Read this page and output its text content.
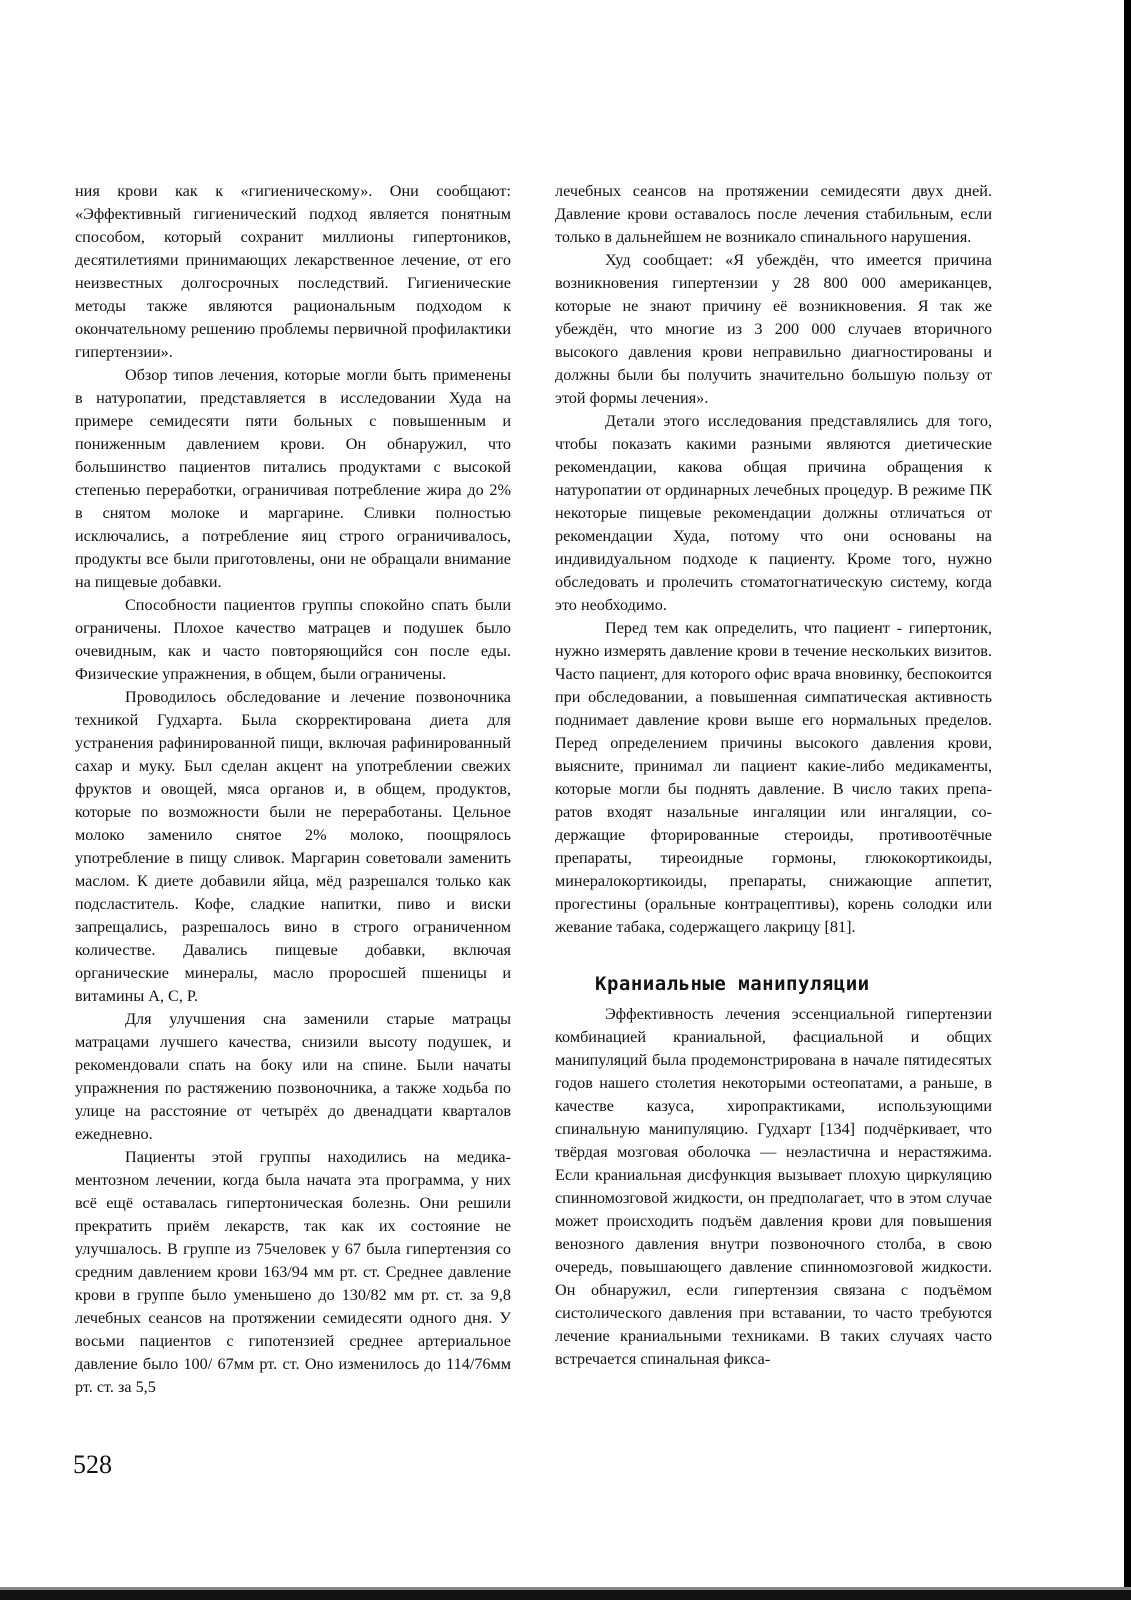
ния крови как к «гигиеническому». Они сообщают: «Эффективный гигиенический подход является понятным способом, который сохранит миллионы гипертоников, десятилетиями принимающих лекарственное лечение, от его неизвестных долгосрочных последствий. Гигиенические методы также являются рациональным подходом к окончательному решению проблемы первичной профилактики гипертензии».

Обзор типов лечения, которые могли быть применены в натуропатии, представляется в исследовании Худа на примере семидесяти пяти больных с повышенным и пониженным давлением крови. Он обнаружил, что большинство пациентов питались продуктами с высокой степенью переработки, ограничивая потребление жира до 2% в снятом молоке и маргарине. Сливки полностью исключались, а потребление яиц строго ограничивалось, продукты все были приготовлены, они не обращали внимание на пищевые добавки.

Способности пациентов группы спокойно спать были ограничены. Плохое качество матрацев и подушек было очевидным, как и часто повторяющийся сон после еды. Физические упражнения, в общем, были ограничены.

Проводилось обследование и лечение позвоночника техникой Гудхарта. Была скорректирована диета для устранения рафинированной пищи, включая рафинированный сахар и муку. Был сделан акцент на употреблении свежих фруктов и овощей, мяса органов и, в общем, продуктов, которые по возможности были не переработаны. Цельное молоко заменило снятое 2% молоко, поощрялось употребление в пищу сливок. Маргарин советовали заменить маслом. К диете добавили яйца, мёд разрешался только как подсластитель. Кофе, сладкие напитки, пиво и виски запрещались, разрешалось вино в строго ограниченном количестве. Давались пищевые добавки, включая органические минералы, масло проросшей пшеницы и витамины А, С, Р.

Для улучшения сна заменили старые матрацы матрацами лучшего качества, снизили высоту подушек, и рекомендовали спать на боку или на спине. Были начаты упражнения по растяжению позвоночника, а также ходьба по улице на расстояние от четырёх до двенадцати кварталов ежедневно.

Пациенты этой группы находились на медикаментозном лечении, когда была начата эта программа, у них всё ещё оставалась гипертоническая болезнь. Они решили прекратить приём лекарств, так как их состояние не улучшалось. В группе из 75человек у 67 была гипертензия со средним давлением крови 163/94 мм рт. ст. Среднее давление крови в группе было уменьшено до 130/82 мм рт. ст. за 9,8 лечебных сеансов на протяжении семидесяти одного дня. У восьми пациентов с гипотензией среднее артериальное давление было 100/ 67мм рт. ст. Оно изменилось до 114/76мм рт. ст. за 5,5

лечебных сеансов на протяжении семидесяти двух дней. Давление крови оставалось после лечения стабильным, если только в дальнейшем не возникало спинального нарушения.

Худ сообщает: «Я убеждён, что имеется причина возникновения гипертензии у 28 800 000 американцев, которые не знают причину её возникновения. Я так же убеждён, что многие из 3 200 000 случаев вторичного высокого давления крови неправильно диагностированы и должны были бы получить значительно большую пользу от этой формы лечения».

Детали этого исследования представлялись для того, чтобы показать какими разными являются диетические рекомендации, какова общая причина обращения к натуропатии от ординарных лечебных процедур. В режиме ПК некоторые пищевые рекомендации должны отличаться от рекомендации Худа, потому что они основаны на индивидуальном подходе к пациенту. Кроме того, нужно обследовать и пролечить стоматогнатическую систему, когда это необходимо.

Перед тем как определить, что пациент - гипертоник, нужно измерять давление крови в течение нескольких визитов. Часто пациент, для которого офис врача вновинку, беспокоится при обследовании, а повышенная симпатическая активность поднимает давление крови выше его нормальных пределов. Перед определением причины высокого давления крови, выясните, принимал ли пациент какие-либо медикаменты, которые могли бы поднять давление. В число таких препаратов входят назальные ингаляции или ингаляции, содержащие фторированные стероиды, противоотёчные препараты, тиреоидные гормоны, глюкокортикоиды, минералокортикоиды, препараты, снижающие аппетит, прогестины (оральные контрацептивы), корень солодки или жевание табака, содержащего лакрицу [81].

Краниальные манипуляции

Эффективность лечения эссенциальной гипертензии комбинацией краниальной, фасциальной и общих манипуляций была продемонстрирована в начале пятидесятых годов нашего столетия некоторыми остеопатами, а раньше, в качестве казуса, хиропрактиками, использующими спинальную манипуляцию. Гудхарт [134] подчёркивает, что твёрдая мозговая оболочка — неэластична и нерастяжима. Если краниальная дисфункция вызывает плохую циркуляцию спинномозговой жидкости, он предполагает, что в этом случае может происходить подъём давления крови для повышения венозного давления внутри позвоночного столба, в свою очередь, повышающего давление спинномозговой жидкости. Он обнаружил, если гипертензия связана с подъёмом систолического давления при вставании, то часто требуются лечение краниальными техниками. В таких случаях часто встречается спинальная фикса-

528
